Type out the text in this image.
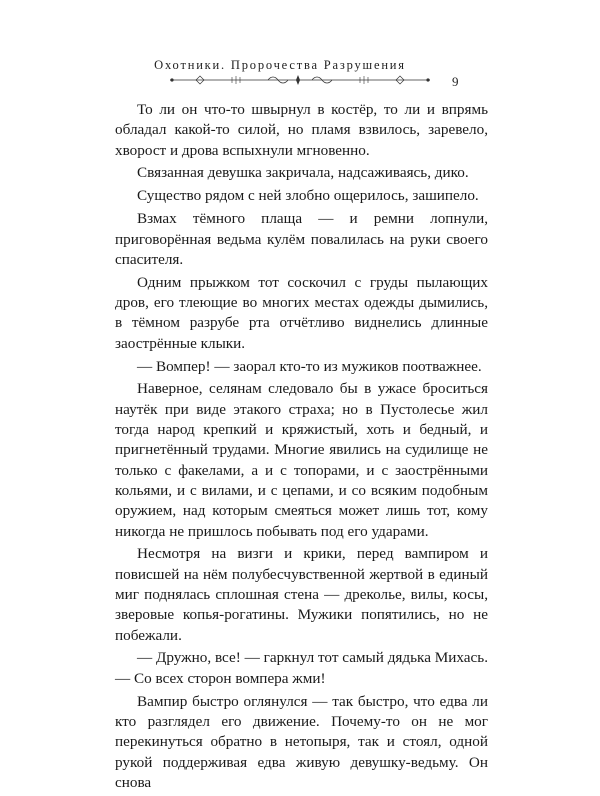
Охотники. Пророчества Разрушения
9

То ли он что-то швырнул в костёр, то ли и впрямь обладал какой-то силой, но пламя взвилось, заревело, хворост и дрова вспыхнули мгновенно.

Связанная девушка закричала, надсаживаясь, дико.

Существо рядом с ней злобно ощерилось, зашипело.

Взмах тёмного плаща — и ремни лопнули, приговорённая ведьма кулём повалилась на руки своего спасителя.

Одним прыжком тот соскочил с груды пылающих дров, его тлеющие во многих местах одежды дымились, в тёмном разрубе рта отчётливо виднелись длинные заострённые клыки.

— Вомпер! — заорал кто-то из мужиков поотважнее.

Наверное, селянам следовало бы в ужасе броситься наутёк при виде этакого страха; но в Пустолесье жил тогда народ крепкий и кряжистый, хоть и бедный, и пригнетённый трудами. Многие явились на судилище не только с факелами, а и с топорами, и с заострёнными кольями, и с вилами, и с цепами, и со всяким подобным оружием, над которым смеяться может лишь тот, кому никогда не пришлось побывать под его ударами.

Несмотря на визги и крики, перед вампиром и повисшей на нём полубесчувственной жертвой в единый миг поднялась сплошная стена — дреколье, вилы, косы, зверовые копья-рогатины. Мужики попятились, но не побежали.

— Дружно, все! — гаркнул тот самый дядька Михась. — Со всех сторон вомпера жми!

Вампир быстро оглянулся — так быстро, что едва ли кто разглядел его движение. Почему-то он не мог перекинуться обратно в нетопыря, так и стоял, одной рукой поддерживая едва живую девушку-ведьму. Он снова
